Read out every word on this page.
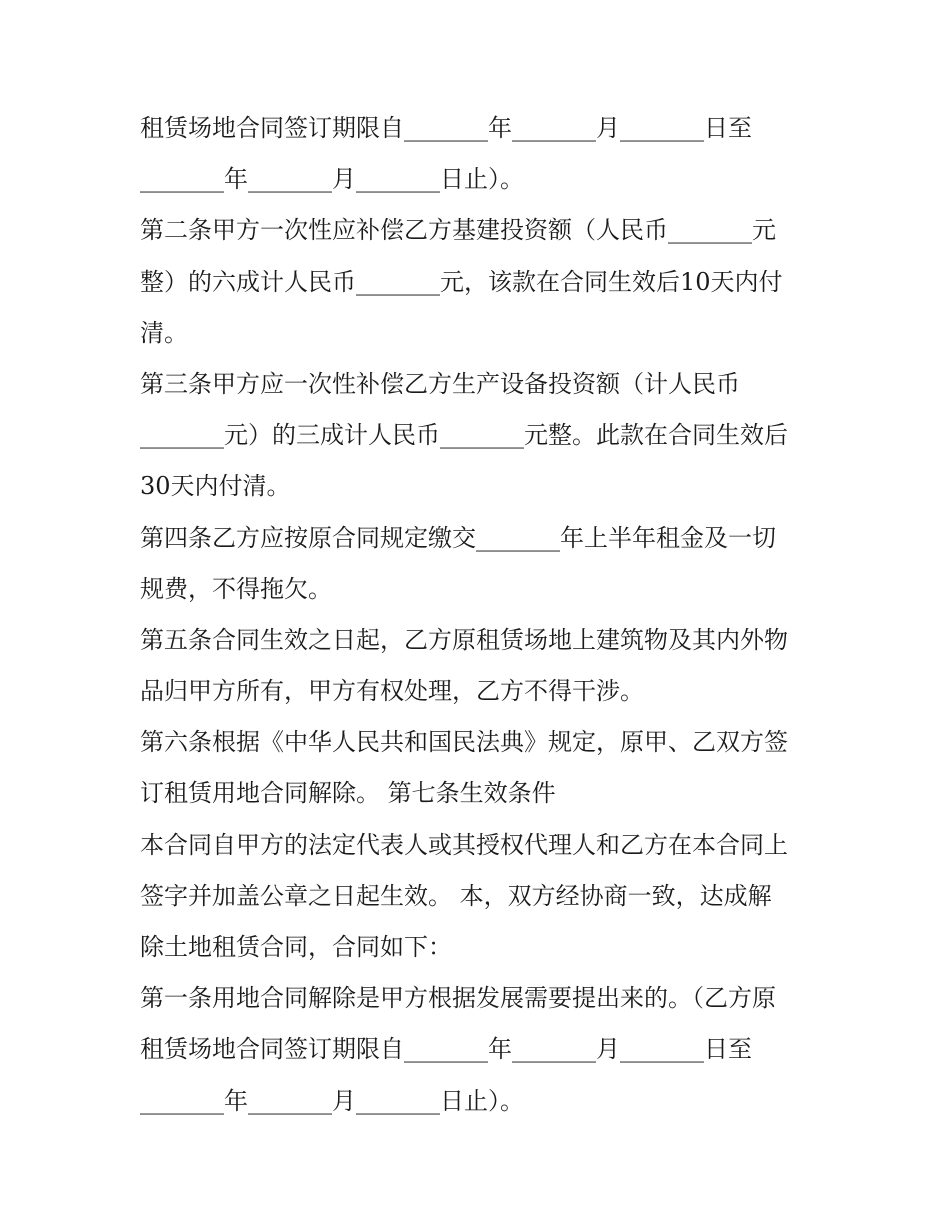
租赁场地合同签订期限自_______年_______月_______日至
_______年_______月_______日止）。
第二条甲方一次性应补偿乙方基建投资额（人民币_______元
整）的六成计人民币_______元，该款在合同生效后10天内付
清。
第三条甲方应一次性补偿乙方生产设备投资额（计人民币
_______元）的三成计人民币_______元整。此款在合同生效后
30天内付清。
第四条乙方应按原合同规定缴交_______年上半年租金及一切
规费，不得拖欠。
第五条合同生效之日起，乙方原租赁场地上建筑物及其内外物
品归甲方所有，甲方有权处理，乙方不得干涉。
第六条根据《中华人民共和国民法典》规定，原甲、乙双方签
订租赁用地合同解除。 第七条生效条件
本合同自甲方的法定代表人或其授权代理人和乙方在本合同上
签字并加盖公章之日起生效。 本，双方经协商一致，达成解
除土地租赁合同，合同如下：
第一条用地合同解除是甲方根据发展需要提出来的。（乙方原
租赁场地合同签订期限自_______年_______月_______日至
_______年_______月_______日止）。
